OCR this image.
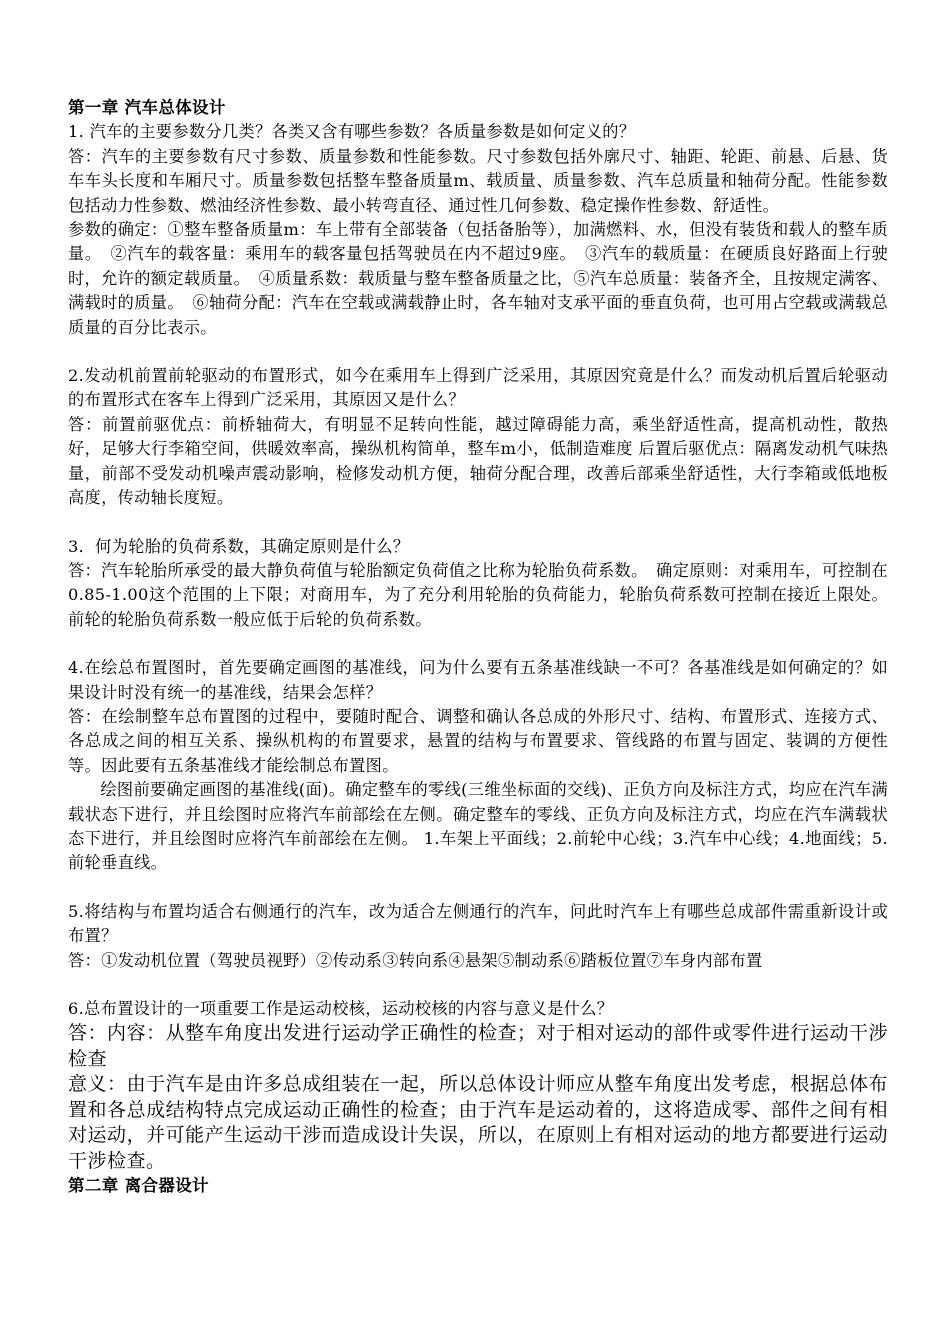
第一章 汽车总体设计

1. 汽车的主要参数分几类？各类又含有哪些参数？各质量参数是如何定义的？

答：汽车的主要参数有尺寸参数、质量参数和性能参数。尺寸参数包括外廓尺寸、轴距、轮距、前悬、后悬、货车车头长度和车厢尺寸。质量参数包括整车整备质量m、载质量、质量参数、汽车总质量和轴荷分配。性能参数包括动力性参数、燃油经济性参数、最小转弯直径、通过性几何参数、稳定操作性参数、舒适性。

参数的确定：①整车整备质量m：车上带有全部装备（包括备胎等），加满燃料、水，但没有装货和载人的整车质量。　②汽车的载客量：乘用车的载客量包括驾驶员在内不超过9座。　③汽车的载质量：在硬质良好路面上行驶时，允许的额定载质量。　④质量系数：载质量与整车整备质量之比，⑤汽车总质量：装备齐全，且按规定满客、满载时的质量。　⑥轴荷分配：汽车在空载或满载静止时，各车轴对支承平面的垂直负荷，也可用占空载或满载总质量的百分比表示。

2.发动机前置前轮驱动的布置形式，如今在乘用车上得到广泛采用，其原因究竟是什么？而发动机后置后轮驱动的布置形式在客车上得到广泛采用，其原因又是什么？

答：前置前驱优点：前桥轴荷大，有明显不足转向性能，越过障碍能力高，乘坐舒适性高，提高机动性，散热好，足够大行李箱空间，供暖效率高，操纵机构简单，整车m小，低制造难度 后置后驱优点：隔离发动机气味热量，前部不受发动机噪声震动影响，检修发动机方便，轴荷分配合理，改善后部乘坐舒适性，大行李箱或低地板高度，传动轴长度短。

3．何为轮胎的负荷系数，其确定原则是什么？

答：汽车轮胎所承受的最大静负荷值与轮胎额定负荷值之比称为轮胎负荷系数。　确定原则：对乘用车，可控制在0.85-1.00这个范围的上下限；对商用车，为了充分利用轮胎的负荷能力，轮胎负荷系数可控制在接近上限处。前轮的轮胎负荷系数一般应低于后轮的负荷系数。

4.在绘总布置图时，首先要确定画图的基准线，问为什么要有五条基准线缺一不可？各基准线是如何确定的？如果设计时没有统一的基准线，结果会怎样？

答：在绘制整车总布置图的过程中，要随时配合、调整和确认各总成的外形尺寸、结构、布置形式、连接方式、各总成之间的相互关系、操纵机构的布置要求，悬置的结构与布置要求、管线路的布置与固定、装调的方便性等。因此要有五条基准线才能绘制总布置图。

绘图前要确定画图的基准线(面)。确定整车的零线(三维坐标面的交线)、正负方向及标注方式，均应在汽车满载状态下进行，并且绘图时应将汽车前部绘在左侧。确定整车的零线、正负方向及标注方式，均应在汽车满载状态下进行，并且绘图时应将汽车前部绘在左侧。 1.车架上平面线；2.前轮中心线；3.汽车中心线；4.地面线；5.前轮垂直线。

5.将结构与布置均适合右侧通行的汽车，改为适合左侧通行的汽车，问此时汽车上有哪些总成部件需重新设计或布置？

答：①发动机位置（驾驶员视野）②传动系③转向系④悬架⑤制动系⑥踏板位置⑦车身内部布置

6.总布置设计的一项重要工作是运动校核，运动校核的内容与意义是什么？

答：内容：从整车角度出发进行运动学正确性的检查；对于相对运动的部件或零件进行运动干涉检查

意义：由于汽车是由许多总成组装在一起，所以总体设计师应从整车角度出发考虑，根据总体布置和各总成结构特点完成运动正确性的检查；由于汽车是运动着的，这将造成零、部件之间有相对运动，并可能产生运动干涉而造成设计失误，所以，在原则上有相对运动的地方都要进行运动干涉检查。

第二章 离合器设计
